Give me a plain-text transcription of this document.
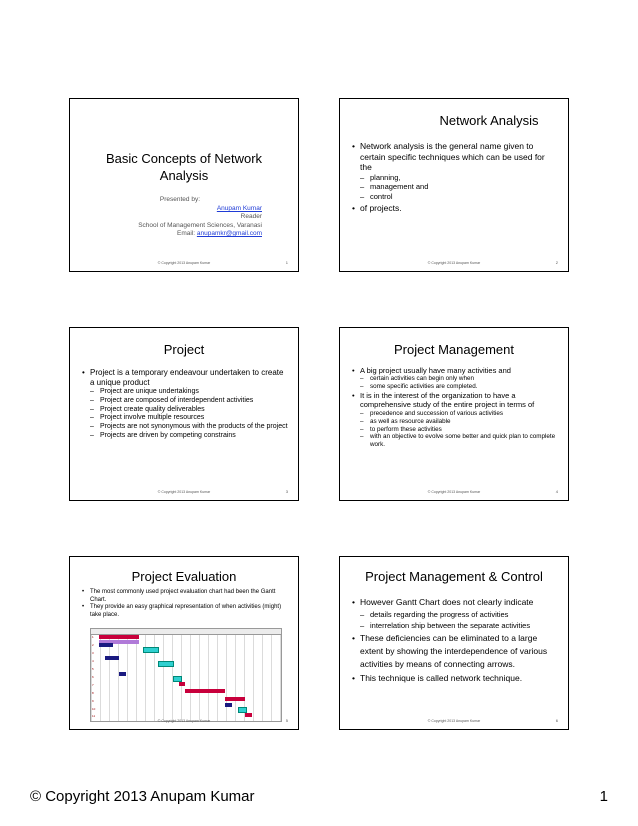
Basic Concepts of Network Analysis
Presented by:
Anupam Kumar
Reader
School of Management Sciences, Varanasi
Email: anupamkr@gmail.com
© Copyright 2013 Anupam Kumar	1
Network Analysis
• Network analysis is the general name given to certain specific techniques which can be used for the
– planning,
– management and
– control
• of projects.
© Copyright 2013 Anupam Kumar	2
Project
• Project is a temporary endeavour undertaken to create a unique product
– Project are unique undertakings
– Project are composed of interdependent activities
– Project create quality deliverables
– Project involve multiple resources
– Projects are not synonymous with the products of the project
– Projects are driven by competing constrains
© Copyright 2013 Anupam Kumar	3
Project Management
• A big project usually have many activities and
– certain activities can begin only when
– some specific activities are completed.
• It is in the interest of the organization to have a comprehensive study of the entire project in terms of
– precedence and succession of various activities
– as well as resource available
– to perform these activities
– with an objective to evolve some better and quick plan to complete work.
© Copyright 2013 Anupam Kumar	4
Project Evaluation
• The most commonly used project evaluation chart had been the Gantt Chart.
• They provide an easy graphical representation of when activities (might) take place.
1
2
3
4
5
6
7
8
9
10
11
© Copyright 2013 Anupam Kumar	5
Project Management & Control
• However Gantt Chart does not clearly indicate
– details regarding the progress of activities
– interrelation ship between the separate activities
• These deficiencies can be eliminated to a large extent by showing the interdependence of various activities by means of connecting arrows.
• This technique is called network technique.
© Copyright 2013 Anupam Kumar	6
© Copyright 2013 Anupam Kumar	1
